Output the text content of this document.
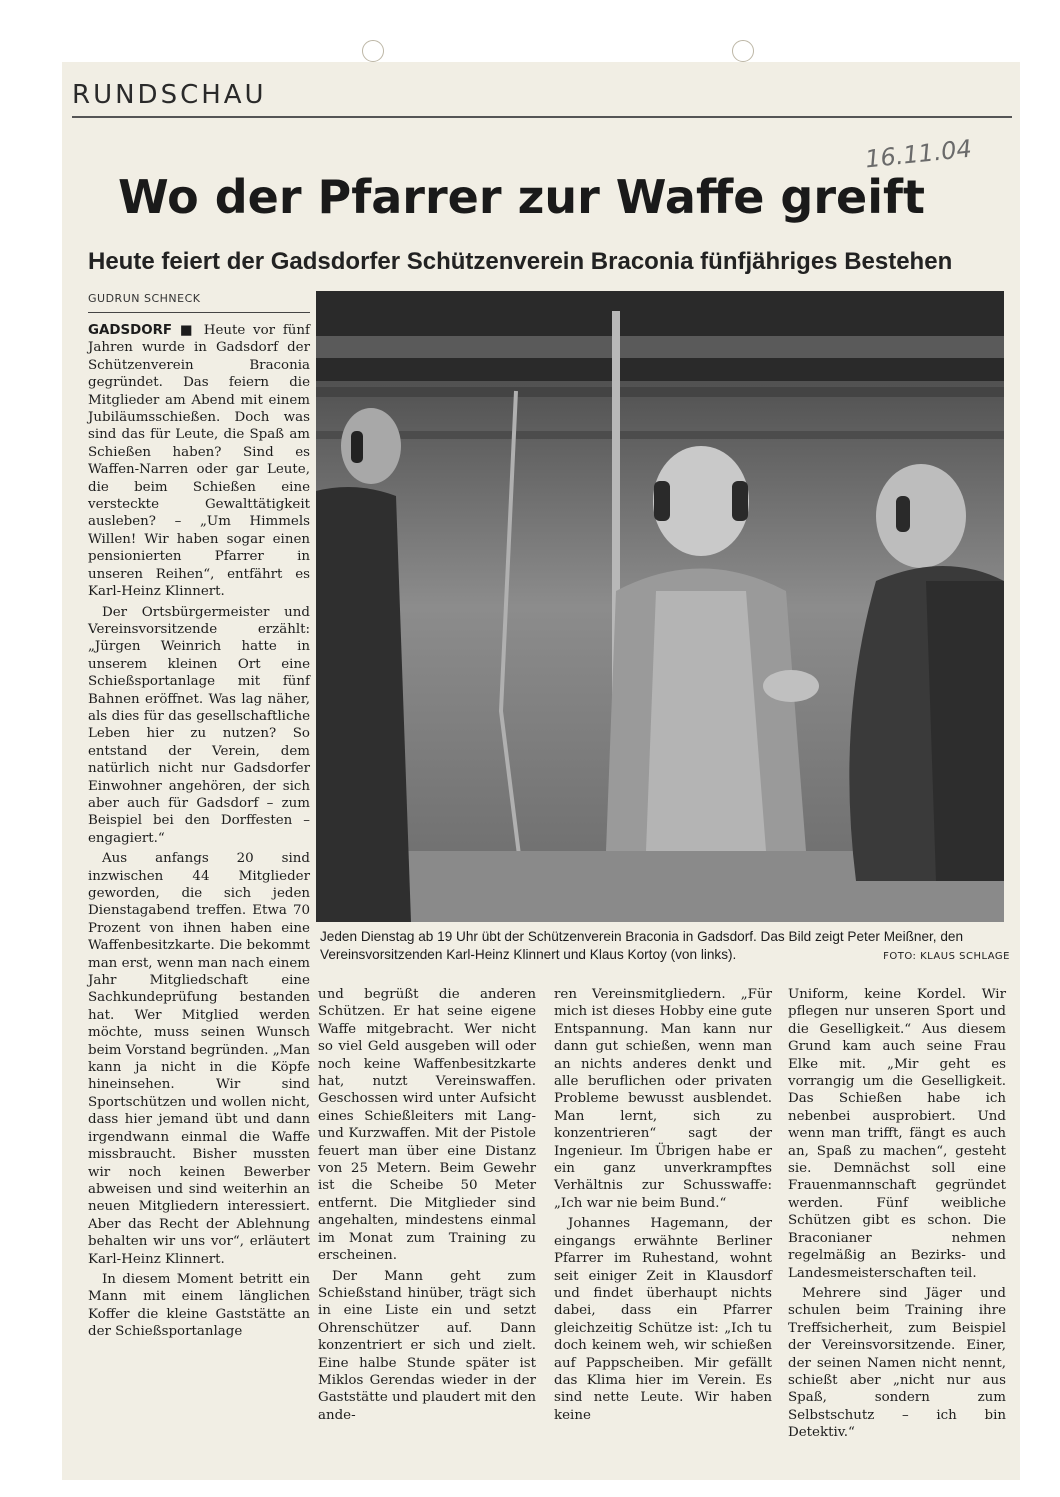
RUNDSCHAU
16.11.04
Wo der Pfarrer zur Waffe greift
Heute feiert der Gadsdorfer Schützenverein Braconia fünfjähriges Bestehen
GUDRUN SCHNECK

GADSDORF ■ Heute vor fünf Jahren wurde in Gadsdorf der Schützenverein Braconia gegründet. Das feiern die Mitglieder am Abend mit einem Jubiläumsschießen. Doch was sind das für Leute, die Spaß am Schießen haben? Sind es Waffen-Narren oder gar Leute, die beim Schießen eine versteckte Gewalttätigkeit ausleben? – „Um Himmels Willen! Wir haben sogar einen pensionierten Pfarrer in unseren Reihen“, entfährt es Karl-Heinz Klinnert.

Der Ortsbürgermeister und Vereinsvorsitzende erzählt: „Jürgen Weinrich hatte in unserem kleinen Ort eine Schießsportanlage mit fünf Bahnen eröffnet. Was lag näher, als dies für das gesellschaftliche Leben hier zu nutzen? So entstand der Verein, dem natürlich nicht nur Gadsdorfer Einwohner angehören, der sich aber auch für Gadsdorf – zum Beispiel bei den Dorffesten – engagiert.“

Aus anfangs 20 sind inzwischen 44 Mitglieder geworden, die sich jeden Dienstagabend treffen. Etwa 70 Prozent von ihnen haben eine Waffenbesitzkarte. Die bekommt man erst, wenn man nach einem Jahr Mitgliedschaft eine Sachkundeprüfung bestanden hat. Wer Mitglied werden möchte, muss seinen Wunsch beim Vorstand begründen. „Man kann ja nicht in die Köpfe hineinsehen. Wir sind Sportschützen und wollen nicht, dass hier jemand übt und dann irgendwann einmal die Waffe missbraucht. Bisher mussten wir noch keinen Bewerber abweisen und sind weiterhin an neuen Mitgliedern interessiert. Aber das Recht der Ablehnung behalten wir uns vor“, erläutert Karl-Heinz Klinnert.

In diesem Moment betritt ein Mann mit einem länglichen Koffer die kleine Gaststätte an der Schießsportanlage

Jeden Dienstag ab 19 Uhr übt der Schützenverein Braconia in Gadsdorf. Das Bild zeigt Peter Meißner, den Vereinsvorsitzenden Karl-Heinz Klinnert und Klaus Kortoy (von links).	FOTO: KLAUS SCHLAGE

und begrüßt die anderen Schützen. Er hat seine eigene Waffe mitgebracht. Wer nicht so viel Geld ausgeben will oder noch keine Waffenbesitzkarte hat, nutzt Vereinswaffen. Geschossen wird unter Aufsicht eines Schießleiters mit Lang- und Kurzwaffen. Mit der Pistole feuert man über eine Distanz von 25 Metern. Beim Gewehr ist die Scheibe 50 Meter entfernt. Die Mitglieder sind angehalten, mindestens einmal im Monat zum Training zu erscheinen.

Der Mann geht zum Schießstand hinüber, trägt sich in eine Liste ein und setzt Ohrenschützer auf. Dann konzentriert er sich und zielt. Eine halbe Stunde später ist Miklos Gerendas wieder in der Gaststätte und plaudert mit den ande-

ren Vereinsmitgliedern. „Für mich ist dieses Hobby eine gute Entspannung. Man kann nur dann gut schießen, wenn man an nichts anderes denkt und alle beruflichen oder privaten Probleme bewusst ausblendet. Man lernt, sich zu konzentrieren“ sagt der Ingenieur. Im Übrigen habe er ein ganz unverkrampftes Verhältnis zur Schusswaffe: „Ich war nie beim Bund.“

Johannes Hagemann, der eingangs erwähnte Berliner Pfarrer im Ruhestand, wohnt seit einiger Zeit in Klausdorf und findet überhaupt nichts dabei, dass ein Pfarrer gleichzeitig Schütze ist: „Ich tu doch keinem weh, wir schießen auf Pappscheiben. Mir gefällt das Klima hier im Verein. Es sind nette Leute. Wir haben keine

Uniform, keine Kordel. Wir pflegen nur unseren Sport und die Geselligkeit.“ Aus diesem Grund kam auch seine Frau Elke mit. „Mir geht es vorrangig um die Geselligkeit. Das Schießen habe ich nebenbei ausprobiert. Und wenn man trifft, fängt es auch an, Spaß zu machen“, gesteht sie. Demnächst soll eine Frauenmannschaft gegründet werden. Fünf weibliche Schützen gibt es schon. Die Braconianer nehmen regelmäßig an Bezirks- und Landesmeisterschaften teil.

Mehrere sind Jäger und schulen beim Training ihre Treffsicherheit, zum Beispiel der Vereinsvorsitzende. Einer, der seinen Namen nicht nennt, schießt aber „nicht nur aus Spaß, sondern zum Selbstschutz – ich bin Detektiv.“
